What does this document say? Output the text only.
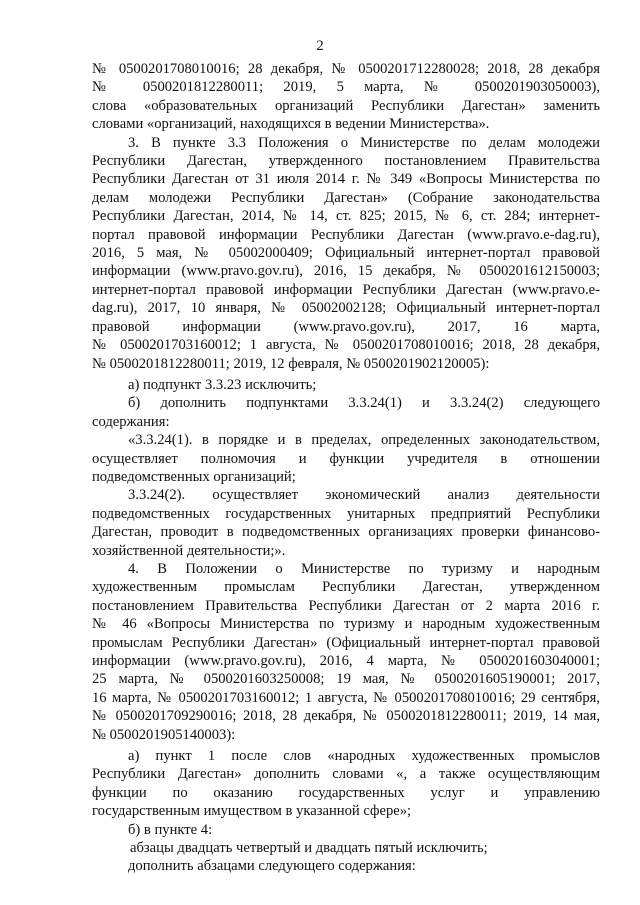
2
№ 0500201708010016; 28 декабря, № 0500201712280028; 2018, 28 декабря
№ 0500201812280011; 2019, 5 марта, № 0500201903050003),
слова «образовательных организаций Республики Дагестан» заменить
словами «организаций, находящихся в ведении Министерства».
3. В пункте 3.3 Положения о Министерстве по делам молодежи
Республики Дагестан, утвержденного постановлением Правительства
Республики Дагестан от 31 июля 2014 г. № 349 «Вопросы Министерства по
делам молодежи Республики Дагестан» (Собрание законодательства
Республики Дагестан, 2014, № 14, ст. 825; 2015, № 6, ст. 284; интернет-
портал правовой информации Республики Дагестан (www.pravo.e-dag.ru),
2016, 5 мая, № 05002000409; Официальный интернет-портал правовой
информации (www.pravo.gov.ru), 2016, 15 декабря, № 0500201612150003;
интернет-портал правовой информации Республики Дагестан (www.pravo.e-
dag.ru), 2017, 10 января, № 05002002128; Официальный интернет-портал
правовой информации (www.pravo.gov.ru), 2017, 16 марта,
№ 0500201703160012; 1 августа, № 0500201708010016; 2018, 28 декабря,
№ 0500201812280011; 2019, 12 февраля, № 0500201902120005):
а) подпункт 3.3.23 исключить;
б) дополнить подпунктами 3.3.24(1) и 3.3.24(2) следующего
содержания:
«3.3.24(1). в порядке и в пределах, определенных законодательством,
осуществляет полномочия и функции учредителя в отношении
подведомственных организаций;
3.3.24(2). осуществляет экономический анализ деятельности
подведомственных государственных унитарных предприятий Республики
Дагестан, проводит в подведомственных организациях проверки финансово-
хозяйственной деятельности;».
4. В Положении о Министерстве по туризму и народным
художественным промыслам Республики Дагестан, утвержденном
постановлением Правительства Республики Дагестан от 2 марта 2016 г.
№ 46 «Вопросы Министерства по туризму и народным художественным
промыслам Республики Дагестан» (Официальный интернет-портал правовой
информации (www.pravo.gov.ru), 2016, 4 марта, № 0500201603040001;
25 марта, № 0500201603250008; 19 мая, № 0500201605190001; 2017,
16 марта, № 0500201703160012; 1 августа, № 0500201708010016; 29 сентября,
№ 0500201709290016; 2018, 28 декабря, № 0500201812280011; 2019, 14 мая,
№ 0500201905140003):
а) пункт 1 после слов «народных художественных промыслов
Республики Дагестан» дополнить словами «, а также осуществляющим
функции по оказанию государственных услуг и управлению
государственным имуществом в указанной сфере»;
б) в пункте 4:
абзацы двадцать четвертый и двадцать пятый исключить;
дополнить абзацами следующего содержания:
